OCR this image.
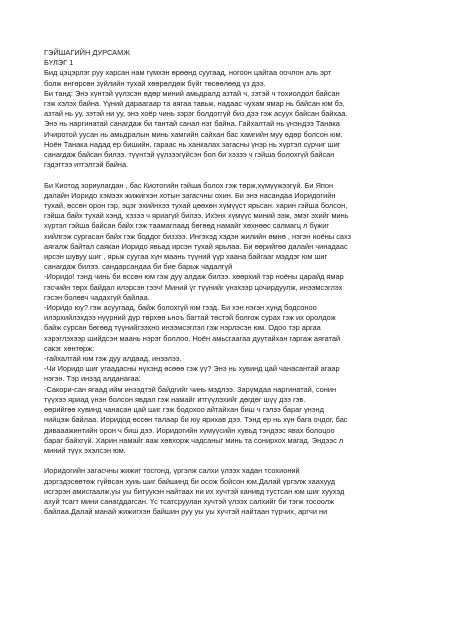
ГЭЙШАГИЙН ДУРСАМЖ

БҮЛЭГ 1

Бид цэцэрлэг руу харсан нам гүмхэн өрөөнд суугаад, ногоон цайгаа оочлон аль эрт
болж өнгөрсөн зүйлийн тухай хөөрөлдөж бүйг төсөөлөөд үз дээ.
Би танд: Энэ хүнтэй үүлзсэн өдөр миний амьдралд азтай ч, зэтэй ч тохиолдол байсан
гэж хэлэх байна. Үүний дараагаар та аягаа тавьж, надаас чухам ямар нь байсан юм бэ,
азтай нь уу, зэтэй ни уу, энэ хоёр чинь зэрэг болдоггүй биз дээ гэж асуух байсан байхаа.
Энэ нь наргинатай санагдаж би тантай санал нэг байна. Гайхалтай нь үнэндээ Танака
Ичиротой уусан нь амьдралын минь хамгийн сайхан бас хамгийн муу өдөр болсон юм.
Ноён Танака надад ер бишийн, гараас нь ханкалах загасны үнэр нь хүртэл сүрчиг шиг
санагдаж байсан билээ. түүнтэй үүлзээгүйсэн бол би хэзээ ч гэйша болохгүй байсан
гэдэгтээ итгэлтэй байна.
Би Киотод зориулагдан , бас Киотогийн гэйша болох гэж төрж,хүмүүжээгүй. Би Япон
далайн Иоридо хэмээх жижигхэн хотын загасчны охин. Би энэ насандаа Иоридогийн
тухай, өссөн орон гэр, эцэг эхийнхээ тухай цөөхөн хүмүүст ярьсан. харин гэйша болсон,
гэйша байх тухай хэнд, хэзээ ч яриагүй билээ. Ихэнх хүмүүс миний ээж, эмэг эхийг минь
хүртэл гэйша байсан байх гэж таамаглаад бөгөөд намайг хөхнөөс салмагц л бүжиг
хийлгэж сургасан байх гэж боддог биззээ. Ингэхэд хэдэн жилийн өмнө , нэгэн ноёны сахз
аягалж байтал саякан Иоридо явьад ирсэн тухай ярьлаа. Би өөрийгөө далайн чинадаас
ирсэн шувуу шиг , ярьж суугаа хүн маань түүний үүр хаана байгааг мэддэг юм шиг
санагдаж билээ. сандарсандаа би бие барьж чадалгүй
-Иоридо! тэнд чинь би өссөн юм гэж дуу алдаж билээ. хөөрхий тэр ноёны царайд ямар
гэсчийн төрх байдал илэрсэн гээч! Миний үг түүнийг үнэхээр цочирдуулж, инээмсэглэх
гэсэн болөвч чадахгүй байлаа.
-Иоридо юу? гэж асуугаад, байж болохгүй юм гээд. Би хэн нэгэн хүнд бодсоноо
илэрхийлэхдээ нүүрний дүр төрхөө ьноъ багтай төстэй болгож сурах гэж их оролдож
байж сурсан бөгөөд түүнийгээхно инээмсэглэл гэж нэрлэсэн юм. Одоо тэр аргаа
хэрэглэхээр шийдсэн маань нэрэг боллоо. Ноён амьсгаагаа дуутайхан гаргаж аягатай
сакэг хөнтөрж:
-гайхалтай юм гэж дуу алдаад, инээлээ.
-Чи Иоридо шиг угаадасны нүхэнд өсөөө гэж үү? Энэ нь хувинд цай чанасантай агаар
нэгэн. Тэр инээд алданагаа:
-Сакори-сан ягаад ийм инээдтэй байдгийг чинь мэдлээ. Зарүмдаа наргинатай, сонин
түүхээ яриад үнэн болсон явдал гэж намайг итгүүлэхийг дөгдөг шүү дээ гэв.
өөрийгөө хувинд чанасан цай шиг гэж бодохоо айтайхан биш ч гэлээ бараг үнэнд
нийцэж байлаа. Иоридод өссөн талаар би юу ярихав дээ. Тэнд ер нь хүн бага очдог, бас
дивааажинтийн орон ч биш дээ. Иоридогийн хүмүүсийн хувьд тэндээс явах болоцоо
бараг байхгүй. Харин намайг яаж хөвхорж чадсаныг минь та сонирхох магад. Эндээс л
миний түүх эхэлсэн юм.
Иоридогийн загасчны жижиг тосгонд, үргэлж салхи үлээх хадан тсохионий
дэргэдэсөөтөж гүйвсан хуиь шиг байшинд би осож бойсон юм.Далай үргэлж хаахууд
исгэрэн амисгаалж,уы уы битуукэн найтаах ни их хучтэй канивд тустсан юм шиг хуухэд
ахуй тсагт мини санагддагсан. Үс тсатсруулан хучтэй үлээх салхийг би тэгж тосоолж
байлаа.Далай манай жижигхэн байшин руу уы уы хучтэй найтаан түрчих, аргчи ни
